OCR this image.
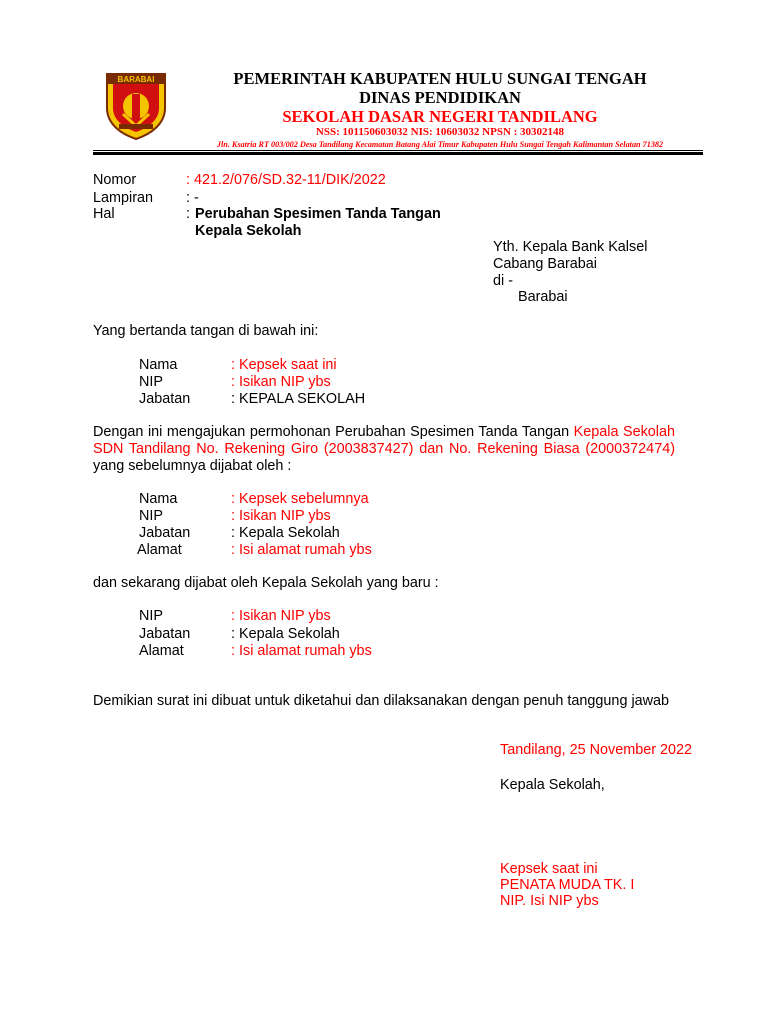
BARABAI	PEMERINTAH KABUPATEN HULU SUNGAI TENGAH
DINAS PENDIDIKAN
SEKOLAH DASAR NEGERI TANDILANG
NSS: 101150603032 NIS: 10603032 NPSN : 30302148
Jln. Ksatria RT 003/002 Desa Tandilang Kecamatan Batang Alai Timur Kabupaten Hulu Sungai Tengah Kalimantan Selatan 71382
Nomor	: 421.2/076/SD.32-11/DIK/2022
Lampiran : -
Hal	: Perubahan Spesimen Tanda Tangan
Kepala Sekolah
Yth. Kepala Bank Kalsel
Cabang Barabai
di -
Barabai
Yang bertanda tangan di bawah ini:
Nama	: Kepsek saat ini
NIP	: Isikan NIP ybs
Jabatan	: KEPALA SEKOLAH
Dengan ini mengajukan permohonan Perubahan Spesimen Tanda Tangan Kepala Sekolah SDN Tandilang No. Rekening Giro (2003837427) dan No. Rekening Biasa (2000372474) yang sebelumnya dijabat oleh :
Nama	: Kepsek sebelumnya
NIP	: Isikan NIP ybs
Jabatan	: Kepala Sekolah
Alamat	: Isi alamat rumah ybs
dan sekarang dijabat oleh Kepala Sekolah yang baru :
NIP	: Isikan NIP ybs
Jabatan	: Kepala Sekolah
Alamat	: Isi alamat rumah ybs
Demikian surat ini dibuat untuk diketahui dan dilaksanakan dengan penuh tanggung jawab
Tandilang, 25 November 2022
Kepala Sekolah,
Kepsek saat ini
PENATA MUDA TK. I
NIP. Isi NIP ybs
